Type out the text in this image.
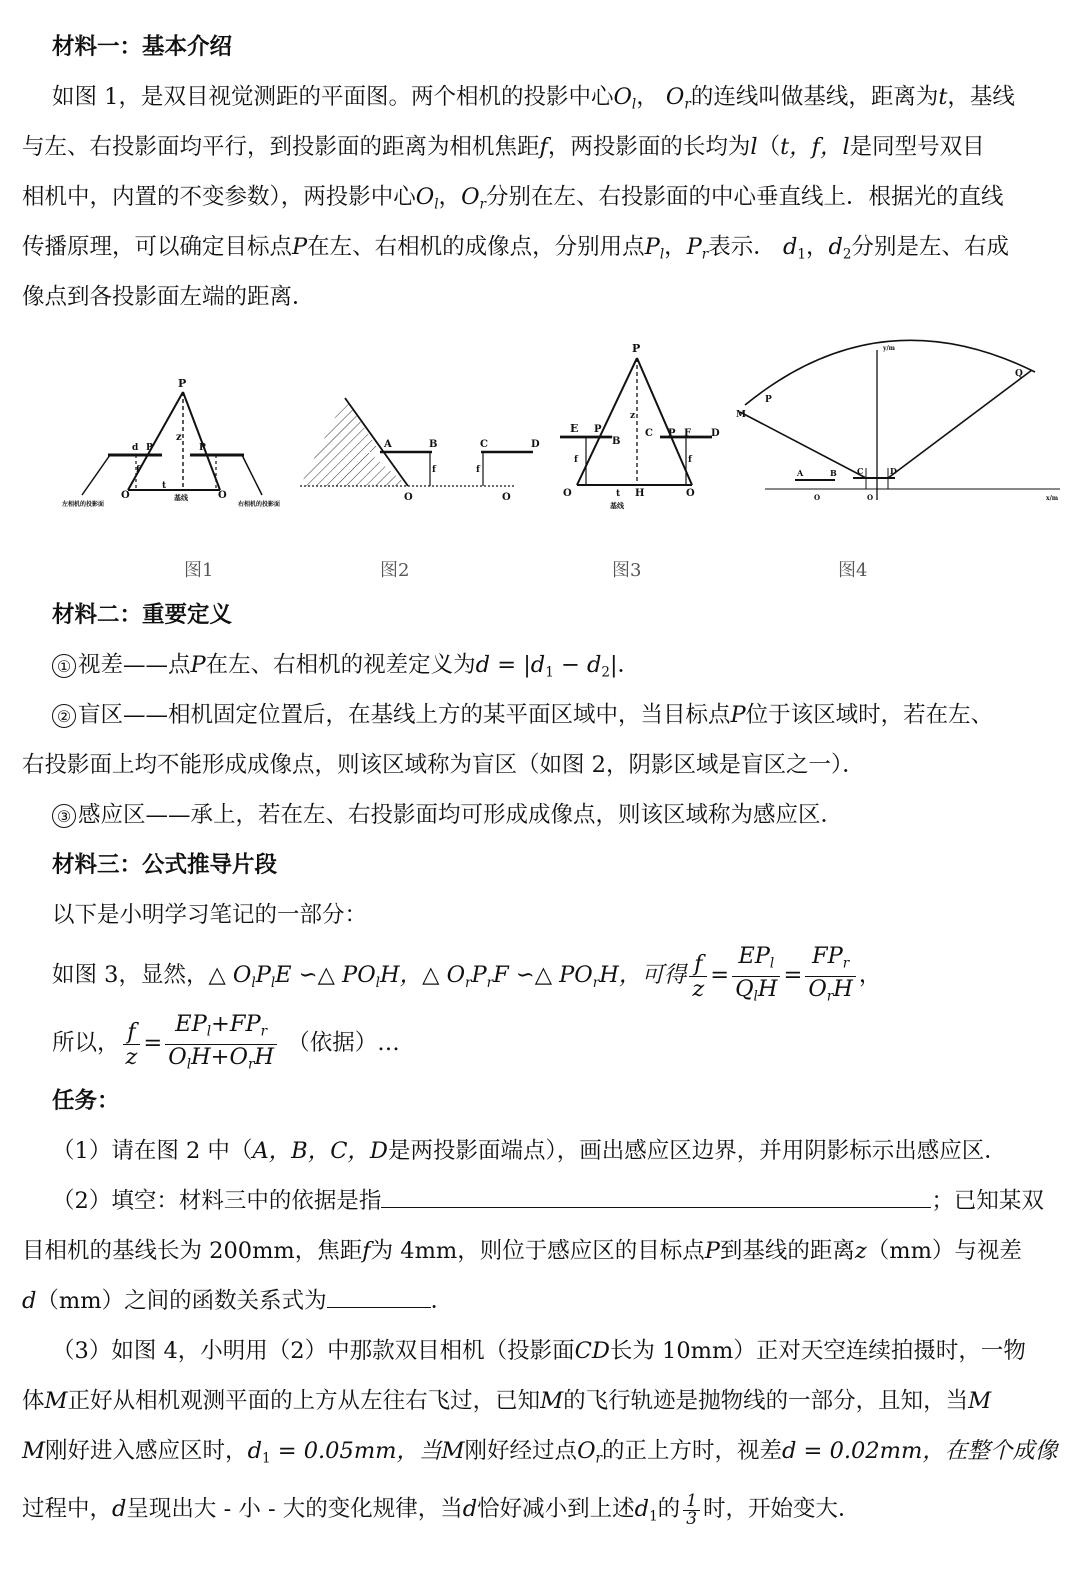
材料一：基本介绍
如图 1，是双目视觉测距的平面图。两个相机的投影中心$O_l$， $O_r$的连线叫做基线，距离为t，基线
与左、右投影面均平行，到投影面的距离为相机焦距f，两投影面的长均为l（t，f，l是同型号双目
相机中，内置的不变参数），两投影中心$O_l$，$O_r$分别在左、右投影面的中心垂直线上．根据光的直线
传播原理，可以确定目标点P在左、右相机的成像点，分别用点$P_l$，$P_r$表示． $d_1$，$d_2$分别是左、右成
像点到各投影面左端的距离．
P
z
O	O
t
基线
d P	P
f
左相机的投影面	右相机的投影面
A	B	C	D
f	f
O	O
P
E
B
C	F D
P	P
z
f	f
O	O
t H
基线
y/m
x/m
M
P
Q
A	B	C	D
O	O
图1	图2	图3	图4
材料二：重要定义
① 视差——点P在左、右相机的视差定义为$d = |d_1 - d_2|$．
② 盲区——相机固定位置后，在基线上方的某平面区域中，当目标点P位于该区域时，若在左、
右投影面上均不能形成成像点，则该区域称为盲区（如图 2，阴影区域是盲区之一）．
③ 感应区——承上，若在左、右投影面均可形成成像点，则该区域称为感应区．
材料三：公式推导片段
以下是小明学习笔记的一部分：
如图 3，显然，△ $O_lP_lE$ ∽△ $PO_lH$，△ $O_rP_rF$ ∽△ $PO_rH$，可得 $\frac{f}{z} = \frac{EP_l}{Q_lH} = \frac{FP_r}{O_rH}$ ，
所以， $\frac{f}{z} = \frac{EP_l+FP_r}{O_lH+O_rH}$ （依据）…
任务：
（1）请在图 2 中（A，B，C，D是两投影面端点），画出感应区边界，并用阴影标示出感应区．
（2）填空：材料三中的依据是指	；已知某双
目相机的基线长为 200mm，焦距f为 4mm，则位于感应区的目标点P到基线的距离z（mm）与视差
d（mm）之间的函数关系式为	．
（3）如图 4，小明用（2）中那款双目相机（投影面CD长为 10mm）正对天空连续拍摄时，一物
体M正好从相机观测平面的上方从左往右飞过，已知M的飞行轨迹是抛物线的一部分，且知，当M
M刚好进入感应区时，$d_1 = 0.05mm$，当M刚好经过点$O_r$的正上方时，视差d = 0.02mm，在整个成像
过程中，d呈现出大 - 小 - 大的变化规律，当d恰好减小到上述$d_1$的 $\frac{1}{3}$ 时，开始变大．
